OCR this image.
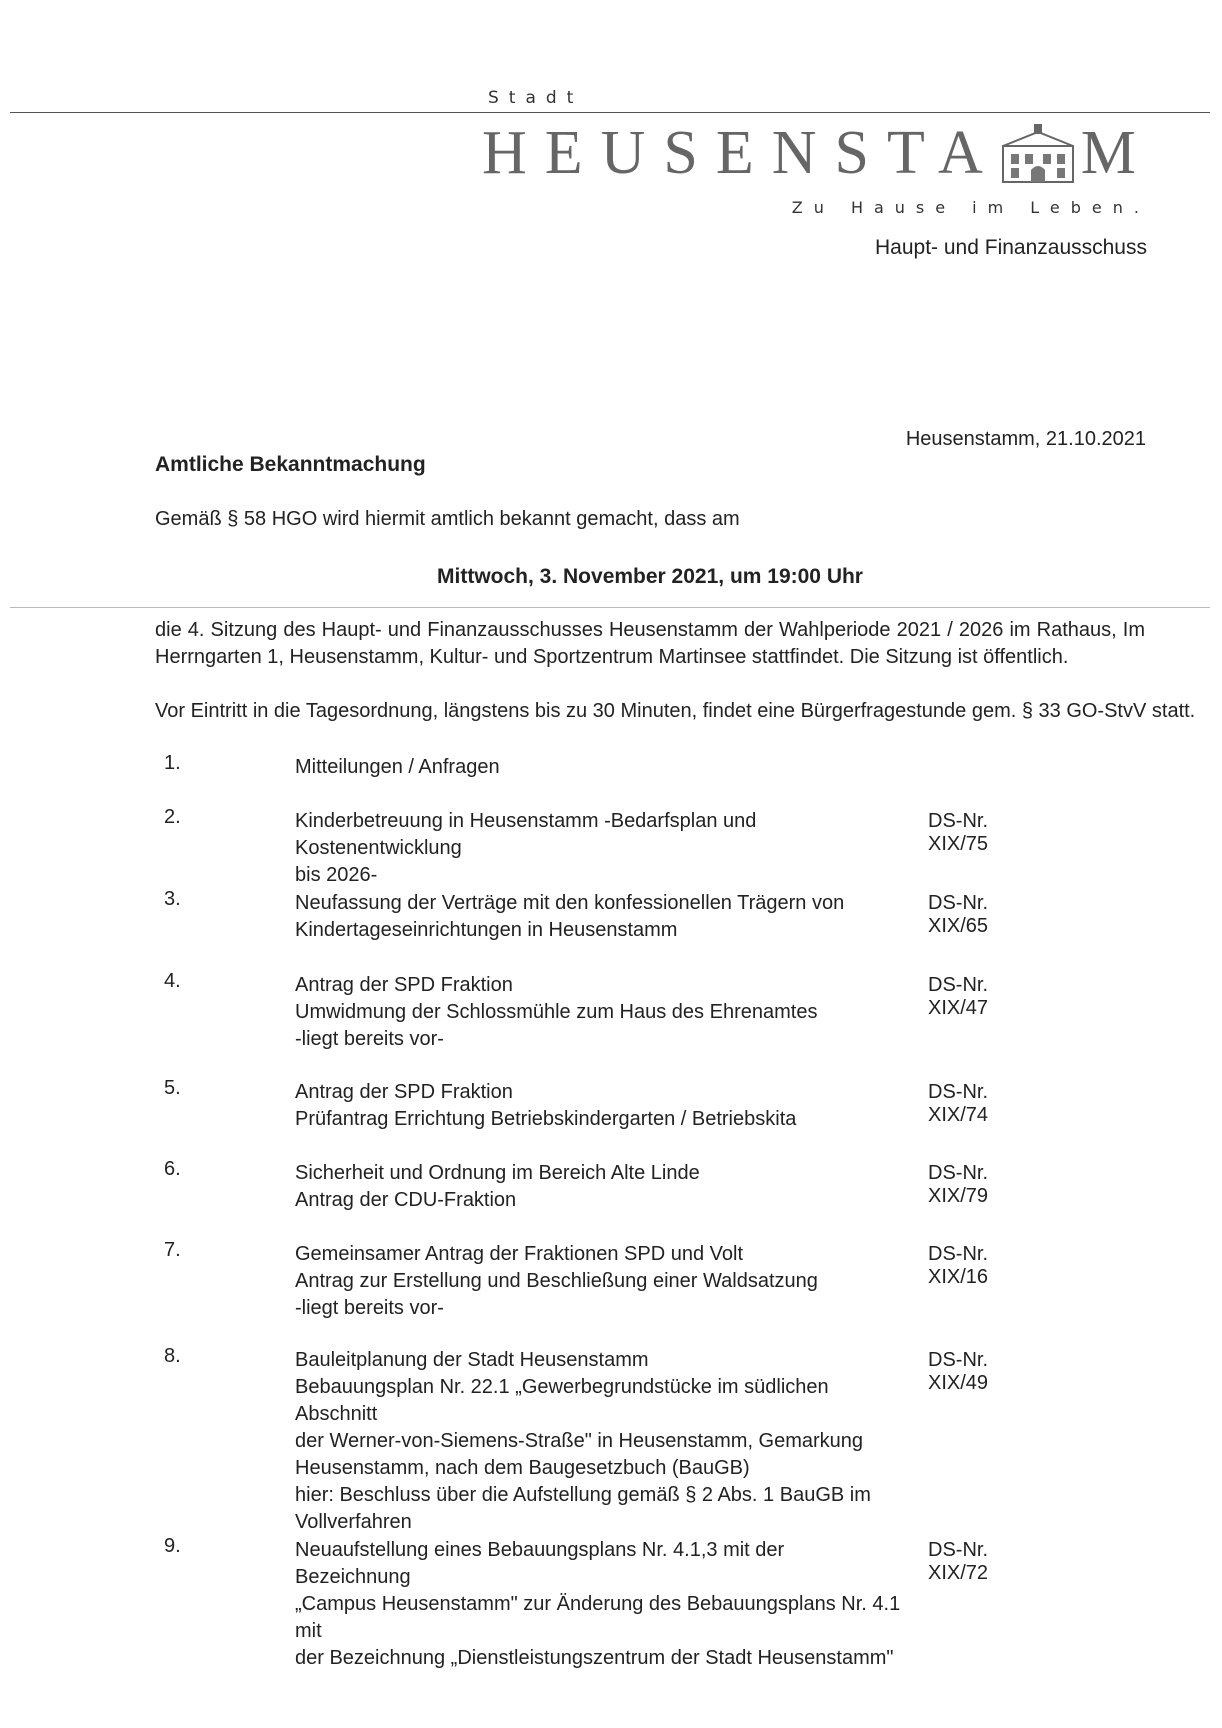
Stadt
HEUSENSTA M
Zu Hause im Leben.
Haupt- und Finanzausschuss
Heusenstamm, 21.10.2021
Amtliche Bekanntmachung
Gemäß § 58 HGO wird hiermit amtlich bekannt gemacht, dass am
Mittwoch, 3. November 2021, um 19:00 Uhr
die 4. Sitzung des Haupt- und Finanzausschusses Heusenstamm der Wahlperiode 2021 / 2026 im Rathaus, Im Herrngarten 1, Heusenstamm, Kultur- und Sportzentrum Martinsee stattfindet. Die Sitzung ist öffentlich.
Vor Eintritt in die Tagesordnung, längstens bis zu 30 Minuten, findet eine Bürgerfragestunde gem. § 33 GO-StvV statt.
1.	Mitteilungen / Anfragen
2.	Kinderbetreuung in Heusenstamm -Bedarfsplan und Kostenentwicklung
bis 2026-
DS-Nr. XIX/75
3.	Neufassung der Verträge mit den konfessionellen Trägern von
Kindertageseinrichtungen in Heusenstamm
DS-Nr. XIX/65
4.	Antrag der SPD Fraktion
Umwidmung der Schlossmühle zum Haus des Ehrenamtes
-liegt bereits vor-
DS-Nr. XIX/47
5.	Antrag der SPD Fraktion
Prüfantrag Errichtung Betriebskindergarten / Betriebskita
DS-Nr. XIX/74
6.	Sicherheit und Ordnung im Bereich Alte Linde
Antrag der CDU-Fraktion
DS-Nr. XIX/79
7.	Gemeinsamer Antrag der Fraktionen SPD und Volt
Antrag zur Erstellung und Beschließung einer Waldsatzung
-liegt bereits vor-
DS-Nr. XIX/16
8.	Bauleitplanung der Stadt Heusenstamm
Bebauungsplan Nr. 22.1 „Gewerbegrundstücke im südlichen Abschnitt
der Werner-von-Siemens-Straße" in Heusenstamm, Gemarkung
Heusenstamm, nach dem Baugesetzbuch (BauGB)
hier: Beschluss über die Aufstellung gemäß § 2 Abs. 1 BauGB im
Vollverfahren
DS-Nr. XIX/49
9.	Neuaufstellung eines Bebauungsplans Nr. 4.1,3 mit der Bezeichnung
„Campus Heusenstamm" zur Änderung des Bebauungsplans Nr. 4.1 mit
der Bezeichnung „Dienstleistungszentrum der Stadt Heusenstamm"
DS-Nr. XIX/72
